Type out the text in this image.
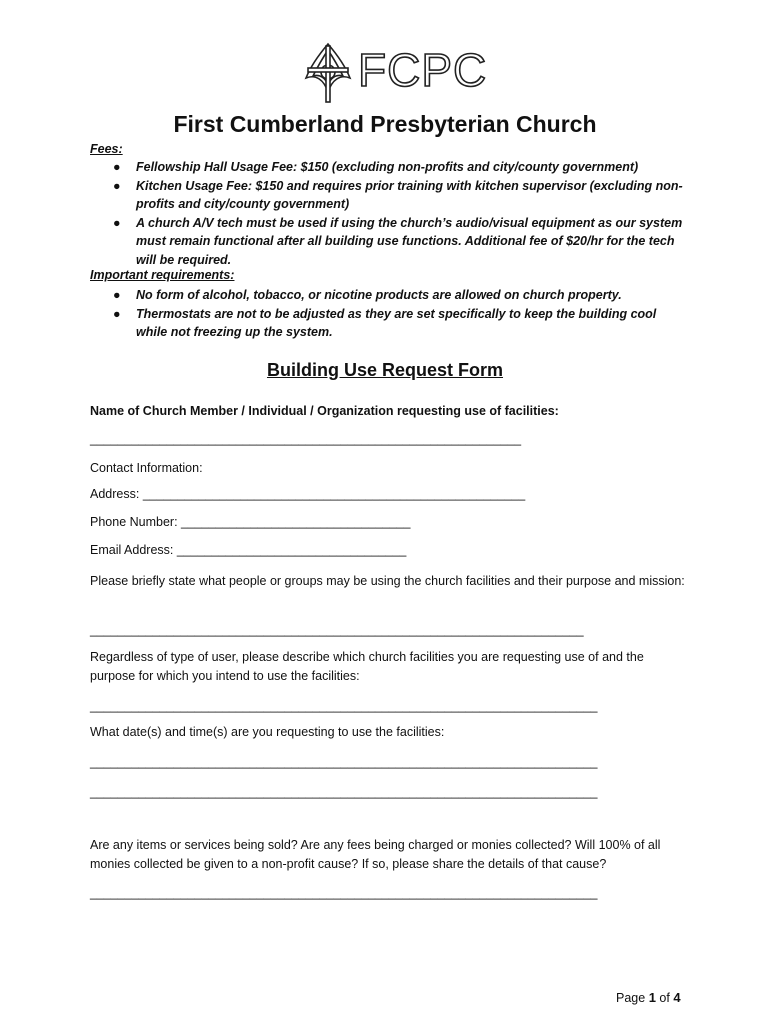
FCPC
First Cumberland Presbyterian Church
Fees:
● Fellowship Hall Usage Fee: $150 (excluding non-profits and city/county government)
● Kitchen Usage Fee: $150 and requires prior training with kitchen supervisor (excluding non-profits and city/county government)
● A church A/V tech must be used if using the church’s audio/visual equipment as our system must remain functional after all building use functions. Additional fee of $20/hr for the tech will be required.
Important requirements:
● No form of alcohol, tobacco, or nicotine products are allowed on church property.
● Thermostats are not to be adjusted as they are set specifically to keep the building cool while not freezing up the system.
Building Use Request Form
Name of Church Member / Individual / Organization requesting use of facilities:
______________________________________________________________
Contact Information:
Address: _______________________________________________________
Phone Number: _________________________________
Email Address: _________________________________
Please briefly state what people or groups may be using the church facilities and their purpose and mission:
_______________________________________________________________________
Regardless of type of user, please describe which church facilities you are requesting use of and the purpose for which you intend to use the facilities:
_________________________________________________________________________
What date(s) and time(s) are you requesting to use the facilities:
_________________________________________________________________________
_________________________________________________________________________
Are any items or services being sold? Are any fees being charged or monies collected? Will 100% of all monies collected be given to a non-profit cause? If so, please share the details of that cause?
_________________________________________________________________________
Page 1 of 4
